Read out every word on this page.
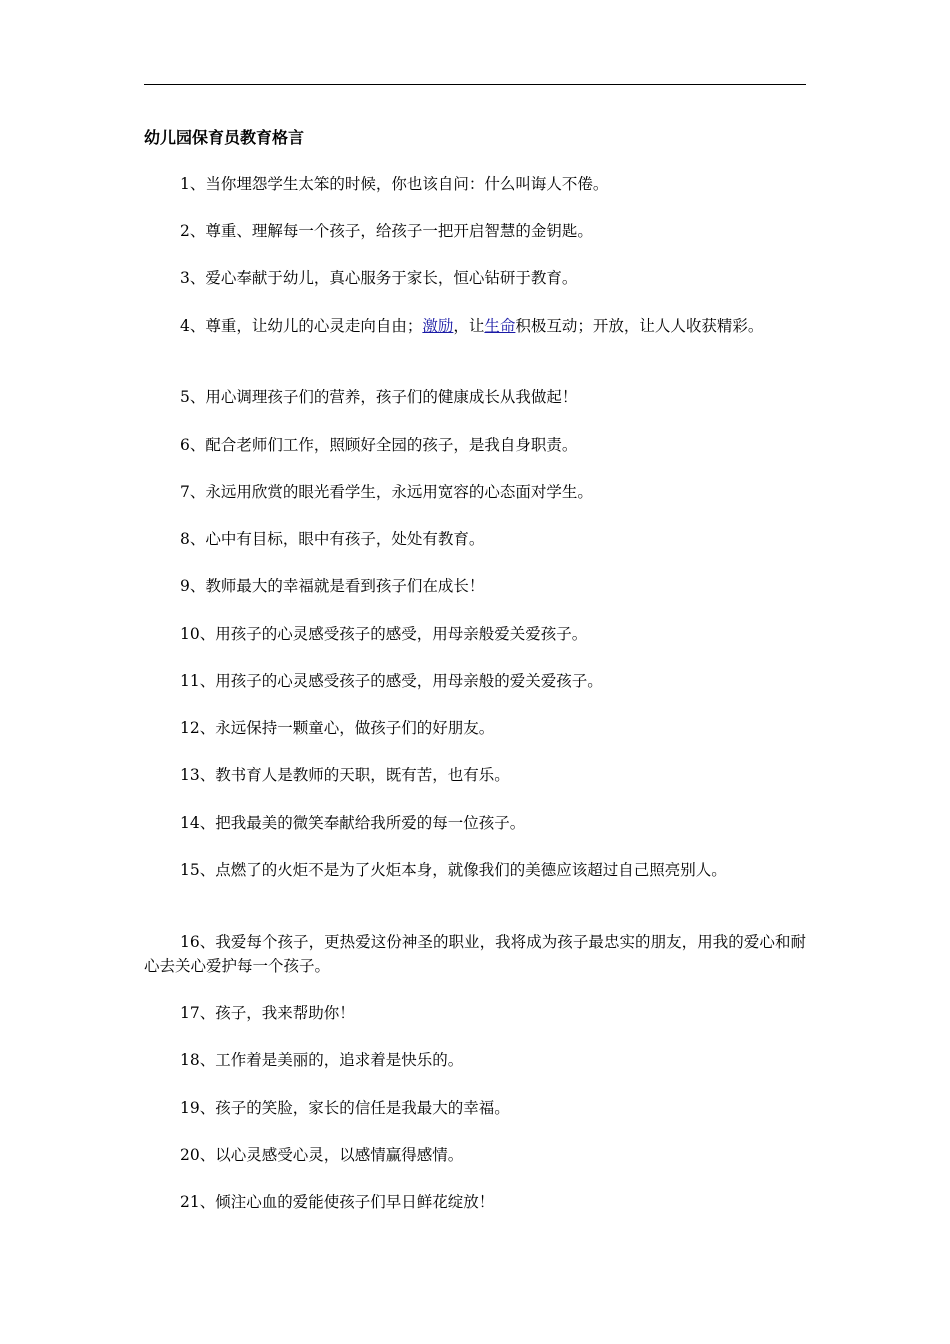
幼儿园保育员教育格言

1、当你埋怨学生太笨的时候，你也该自问：什么叫诲人不倦。

2、尊重、理解每一个孩子，给孩子一把开启智慧的金钥匙。

3、爱心奉献于幼儿，真心服务于家长，恒心钻研于教育。

4、尊重，让幼儿的心灵走向自由；激励，让生命积极互动；开放，让人人收获精彩。

5、用心调理孩子们的营养，孩子们的健康成长从我做起！

6、配合老师们工作，照顾好全园的孩子，是我自身职责。

7、永远用欣赏的眼光看学生，永远用宽容的心态面对学生。

8、心中有目标，眼中有孩子，处处有教育。

9、教师最大的幸福就是看到孩子们在成长！

10、用孩子的心灵感受孩子的感受，用母亲般爱关爱孩子。

11、用孩子的心灵感受孩子的感受，用母亲般的爱关爱孩子。

12、永远保持一颗童心，做孩子们的好朋友。

13、教书育人是教师的天职，既有苦，也有乐。

14、把我最美的微笑奉献给我所爱的每一位孩子。

15、点燃了的火炬不是为了火炬本身，就像我们的美德应该超过自己照亮别人。

16、我爱每个孩子，更热爱这份神圣的职业，我将成为孩子最忠实的朋友，用我的爱心和耐心去关心爱护每一个孩子。

17、孩子，我来帮助你！

18、工作着是美丽的，追求着是快乐的。

19、孩子的笑脸，家长的信任是我最大的幸福。

20、以心灵感受心灵，以感情赢得感情。

21、倾注心血的爱能使孩子们早日鲜花绽放！
